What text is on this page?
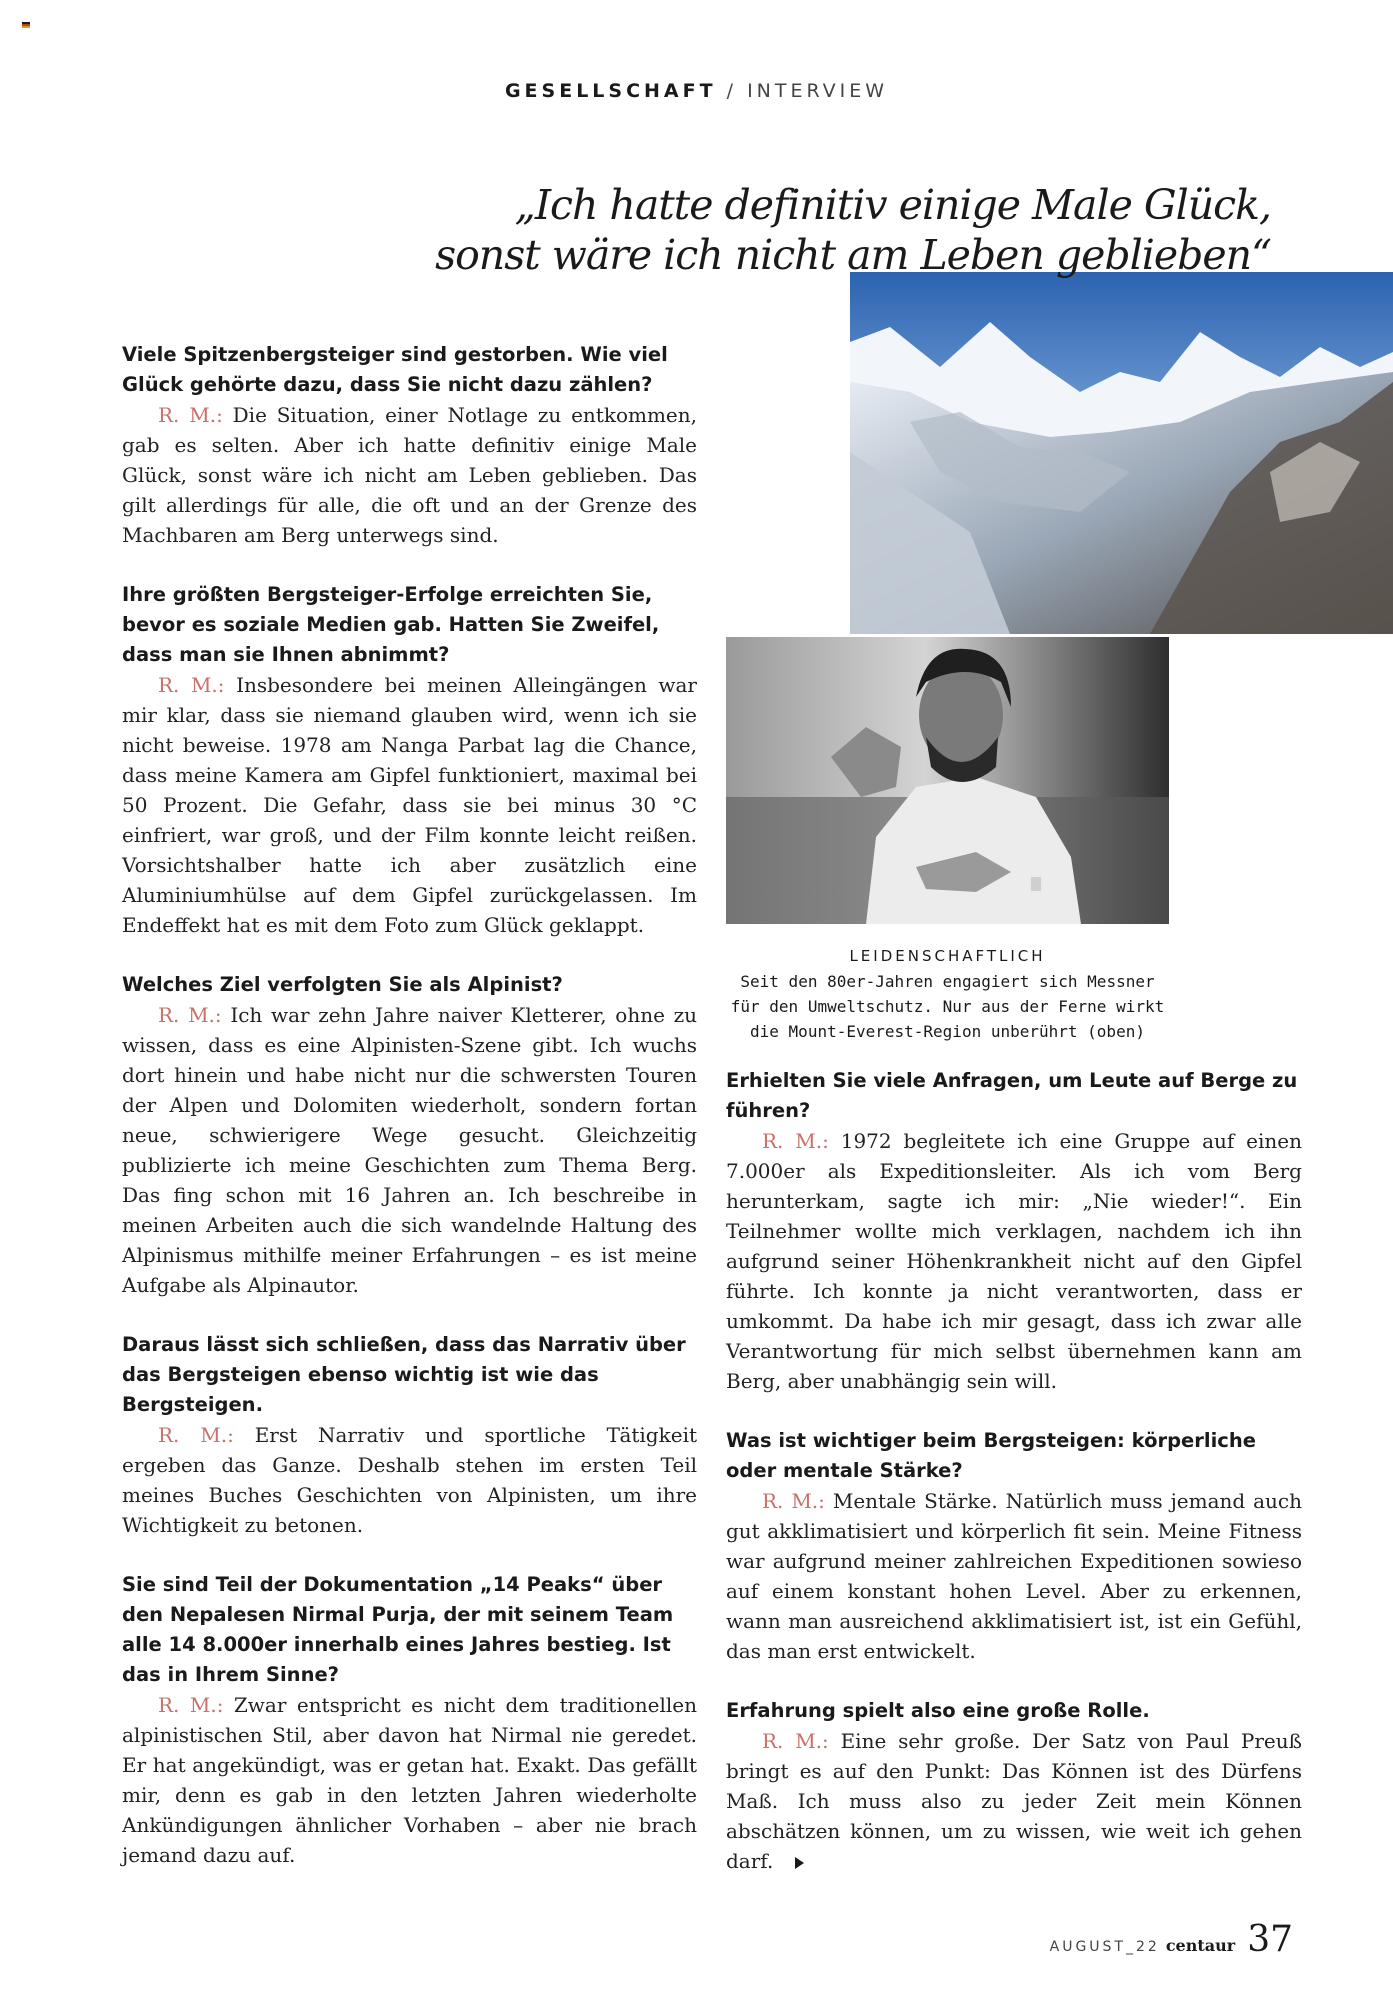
GESELLSCHAFT / INTERVIEW
„Ich hatte definitiv einige Male Glück,
sonst wäre ich nicht am Leben geblieben“
LEIDENSCHAFTLICH
Seit den 80er-Jahren engagiert sich Messner
für den Umweltschutz. Nur aus der Ferne wirkt
die Mount-Everest-Region unberührt (oben)
Viele Spitzenbergsteiger sind gestorben. Wie viel Glück gehörte dazu, dass Sie nicht dazu zählen?
R. M.: Die Situation, einer Notlage zu entkommen, gab es selten. Aber ich hatte definitiv einige Male Glück, sonst wäre ich nicht am Leben geblieben. Das gilt allerdings für alle, die oft und an der Grenze des Machbaren am Berg unterwegs sind.
Ihre größten Bergsteiger-Erfolge erreichten Sie, bevor es soziale Medien gab. Hatten Sie Zweifel, dass man sie Ihnen abnimmt?
R. M.: Insbesondere bei meinen Alleingängen war mir klar, dass sie niemand glauben wird, wenn ich sie nicht beweise. 1978 am Nanga Parbat lag die Chance, dass meine Kamera am Gipfel funktioniert, maximal bei 50 Prozent. Die Gefahr, dass sie bei minus 30 °C einfriert, war groß, und der Film konnte leicht reißen. Vorsichtshalber hatte ich aber zusätzlich eine Aluminiumhülse auf dem Gipfel zurückgelassen. Im Endeffekt hat es mit dem Foto zum Glück geklappt.
Welches Ziel verfolgten Sie als Alpinist?
R. M.: Ich war zehn Jahre naiver Kletterer, ohne zu wissen, dass es eine Alpinisten-Szene gibt. Ich wuchs dort hinein und habe nicht nur die schwersten Touren der Alpen und Dolomiten wiederholt, sondern fortan neue, schwierigere Wege gesucht. Gleichzeitig publizierte ich meine Geschichten zum Thema Berg. Das fing schon mit 16 Jahren an. Ich beschreibe in meinen Arbeiten auch die sich wandelnde Haltung des Alpinismus mithilfe meiner Erfahrungen – es ist meine Aufgabe als Alpinautor.
Daraus lässt sich schließen, dass das Narrativ über das Bergsteigen ebenso wichtig ist wie das Bergsteigen.
R. M.: Erst Narrativ und sportliche Tätigkeit ergeben das Ganze. Deshalb stehen im ersten Teil meines Buches Geschichten von Alpinisten, um ihre Wichtigkeit zu betonen.
Sie sind Teil der Dokumentation „14 Peaks“ über den Nepalesen Nirmal Purja, der mit seinem Team alle 14 8.000er innerhalb eines Jahres bestieg. Ist das in Ihrem Sinne?
R. M.: Zwar entspricht es nicht dem traditionellen alpinistischen Stil, aber davon hat Nirmal nie geredet. Er hat angekündigt, was er getan hat. Exakt. Das gefällt mir, denn es gab in den letzten Jahren wiederholte Ankündigungen ähnlicher Vorhaben – aber nie brach jemand dazu auf.
Erhielten Sie viele Anfragen, um Leute auf Berge zu führen?
R. M.: 1972 begleitete ich eine Gruppe auf einen 7.000er als Expeditionsleiter. Als ich vom Berg herunterkam, sagte ich mir: „Nie wieder!“. Ein Teilnehmer wollte mich verklagen, nachdem ich ihn aufgrund seiner Höhenkrankheit nicht auf den Gipfel führte. Ich konnte ja nicht verantworten, dass er umkommt. Da habe ich mir gesagt, dass ich zwar alle Verantwortung für mich selbst übernehmen kann am Berg, aber unabhängig sein will.
Was ist wichtiger beim Bergsteigen: körperliche oder mentale Stärke?
R. M.: Mentale Stärke. Natürlich muss jemand auch gut akklimatisiert und körperlich fit sein. Meine Fitness war aufgrund meiner zahlreichen Expeditionen sowieso auf einem konstant hohen Level. Aber zu erkennen, wann man ausreichend akklimatisiert ist, ist ein Gefühl, das man erst entwickelt.
Erfahrung spielt also eine große Rolle.
R. M.: Eine sehr große. Der Satz von Paul Preuß bringt es auf den Punkt: Das Können ist des Dürfens Maß. Ich muss also zu jeder Zeit mein Können abschätzen können, um zu wissen, wie weit ich gehen darf.
AUGUST_22 centaur 37
